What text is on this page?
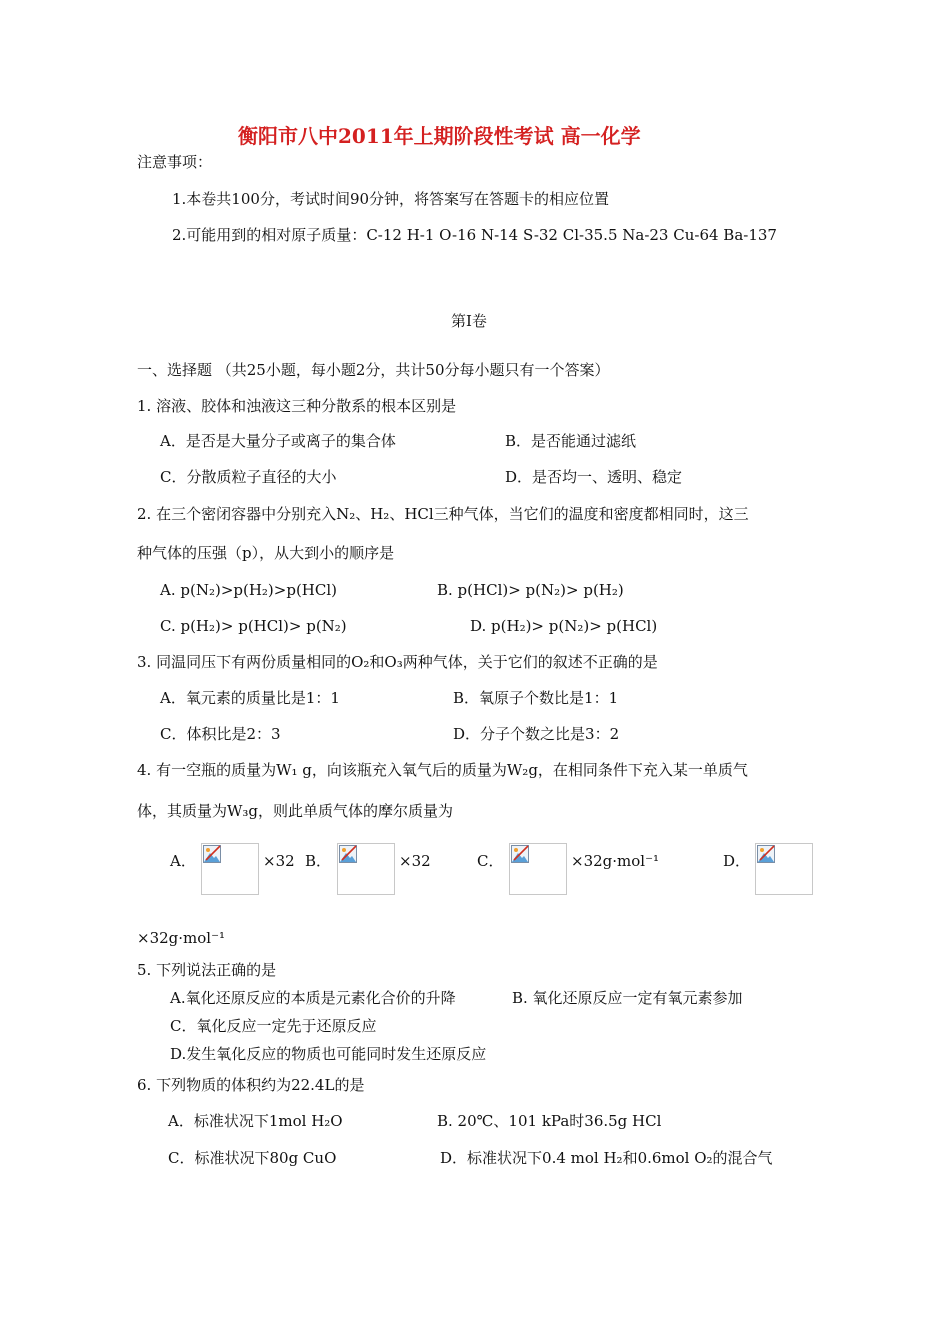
衡阳市八中2011年上期阶段性考试 高一化学
注意事项：
1.本卷共100分，考试时间90分钟，将答案写在答题卡的相应位置
2.可能用到的相对原子质量：C-12 H-1 O-16 N-14 S-32 Cl-35.5 Na-23 Cu-64 Ba-137
第Ⅰ卷
一、选择题 （共25小题，每小题2分，共计50分每小题只有一个答案）
1. 溶液、胶体和浊液这三种分散系的根本区别是
A．是否是大量分子或离子的集合体	B．是否能通过滤纸
C．分散质粒子直径的大小	D．是否均一、透明、稳定
2. 在三个密闭容器中分别充入N₂、H₂、HCl三种气体，当它们的温度和密度都相同时，这三
种气体的压强（p），从大到小的顺序是
A. p(N₂)>p(H₂)>p(HCl)	B. p(HCl)> p(N₂)> p(H₂)
C. p(H₂)> p(HCl)> p(N₂)	D. p(H₂)> p(N₂)> p(HCl)
3. 同温同压下有两份质量相同的O₂和O₃两种气体，关于它们的叙述不正确的是
A．氧元素的质量比是1：1	B．氧原子个数比是1：1
C．体积比是2：3	D．分子个数之比是3：2
4. 有一空瓶的质量为W₁ g，向该瓶充入氧气后的质量为W₂g，在相同条件下充入某一单质气
体，其质量为W₃g，则此单质气体的摩尔质量为
A．	×32 B．	×32	C．	×32g·mol⁻¹	D．
×32g·mol⁻¹
5. 下列说法正确的是
A.氧化还原反应的本质是元素化合价的升降	B. 氧化还原反应一定有氧元素参加
C．氧化反应一定先于还原反应
D.发生氧化反应的物质也可能同时发生还原反应
6. 下列物质的体积约为22.4L的是
A．标准状况下1mol H₂O	B. 20℃、101 kPa时36.5g HCl
C．标准状况下80g CuO	D．标准状况下0.4 mol H₂和0.6mol O₂的混合气
